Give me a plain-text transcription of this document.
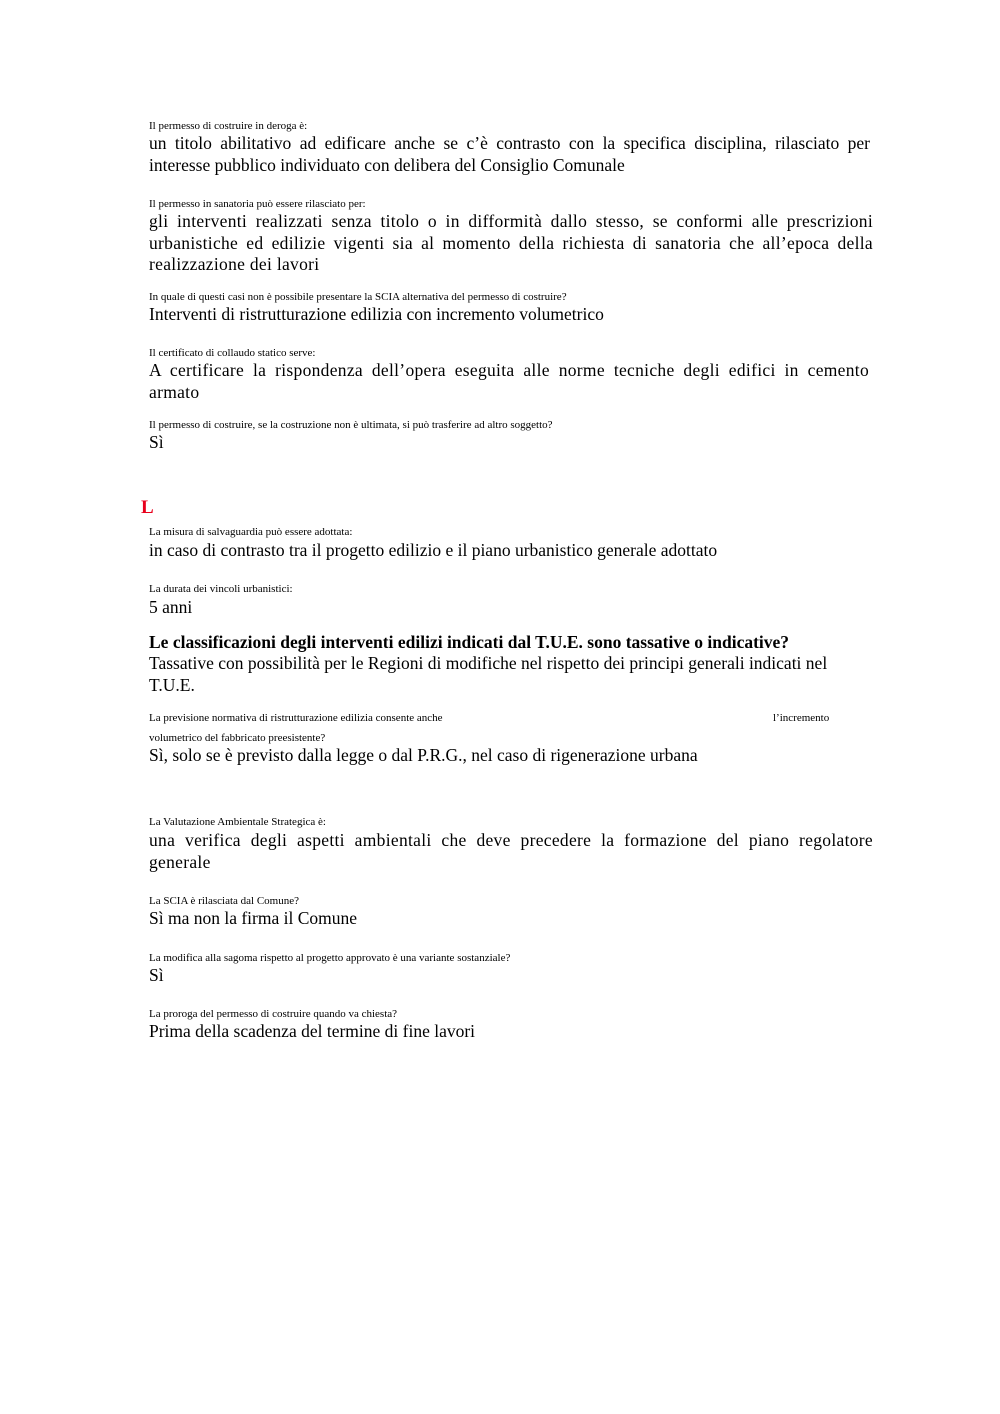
Il permesso di costruire in deroga è:
un titolo abilitativo ad edificare anche se c’è contrasto con la specifica disciplina, rilasciato per interesse pubblico individuato con delibera del Consiglio Comunale
Il permesso in sanatoria può essere rilasciato per:
gli interventi realizzati senza titolo o in difformità dallo stesso, se conformi alle prescrizioni urbanistiche ed edilizie vigenti sia al momento della richiesta di sanatoria che all’epoca della realizzazione dei lavori
In quale di questi casi non è possibile presentare la SCIA alternativa del permesso di costruire?
Interventi di ristrutturazione edilizia con incremento volumetrico
Il certificato di collaudo statico serve:
A certificare la rispondenza dell’opera eseguita alle norme tecniche degli edifici in cemento armato
Il permesso di costruire, se la costruzione non è ultimata, si può trasferire ad altro soggetto?
Sì
L
La misura di salvaguardia può essere adottata:
in caso di contrasto tra il progetto edilizio e il piano urbanistico generale adottato
La durata dei vincoli urbanistici:
5 anni
Le classificazioni degli interventi edilizi indicati dal T.U.E. sono tassative o indicative?
Tassative con possibilità per le Regioni di modifiche nel rispetto dei principi generali indicati nel T.U.E.
La previsione normativa di ristrutturazione edilizia consente anche	l’incremento
volumetrico del fabbricato preesistente?
Sì, solo se è previsto dalla legge o dal P.R.G., nel caso di rigenerazione urbana
La Valutazione Ambientale Strategica è:
una verifica degli aspetti ambientali che deve precedere la formazione del piano regolatore generale
La SCIA è rilasciata dal Comune?
Sì ma non la firma il Comune
La modifica alla sagoma rispetto al progetto approvato è una variante sostanziale?
Sì
La proroga del permesso di costruire quando va chiesta?
Prima della scadenza del termine di fine lavori
